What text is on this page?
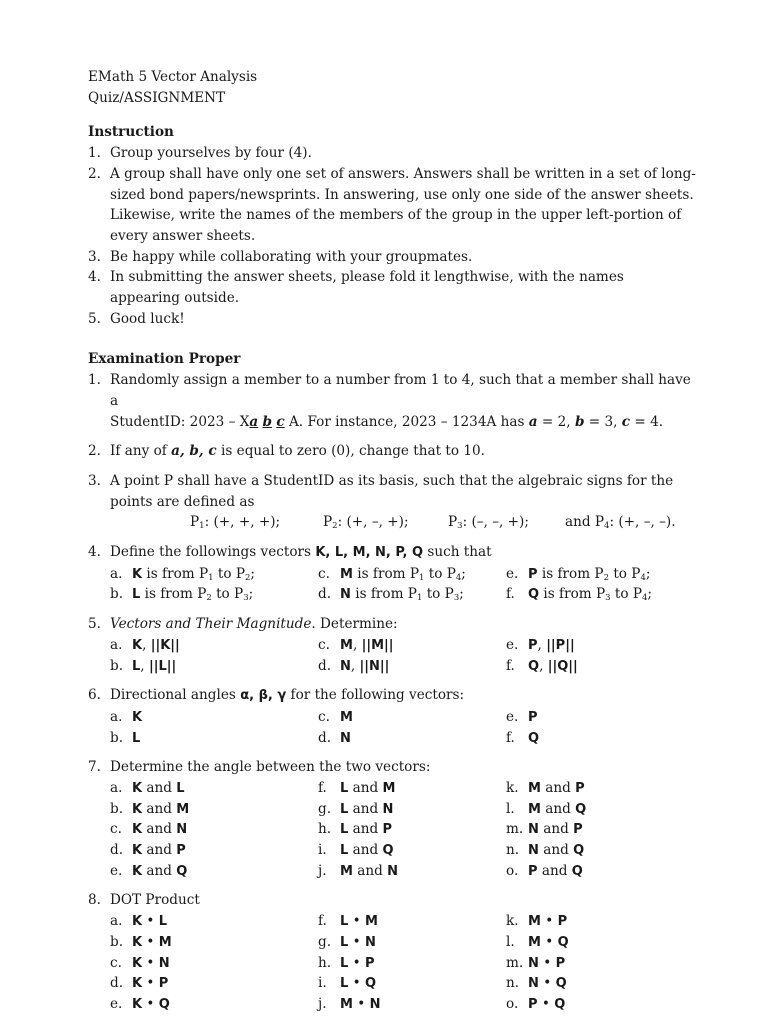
EMath 5 Vector Analysis
Quiz/ASSIGNMENT
Instruction
1. Group yourselves by four (4).
2. A group shall have only one set of answers. Answers shall be written in a set of long-sized bond papers/newsprints. In answering, use only one side of the answer sheets. Likewise, write the names of the members of the group in the upper left-portion of every answer sheets.
3. Be happy while collaborating with your groupmates.
4. In submitting the answer sheets, please fold it lengthwise, with the names appearing outside.
5. Good luck!
Examination Proper
1. Randomly assign a member to a number from 1 to 4, such that a member shall have a
StudentID: 2023 – Xa b c A. For instance, 2023 – 1234A has a = 2, b = 3, c = 4.
2. If any of a, b, c is equal to zero (0), change that to 10.
3. A point P shall have a StudentID as its basis, such that the algebraic signs for the points are defined as
$P_1$: (+, +, +);	$P_2$: (+, –, +);	$P_3$: (–, –, +);	and $P_4$: (+, –, –).
4. Define the followings vectors K, L, M, N, P, Q such that
a. K is from $P_1$ to $P_2$;	c. M is from $P_1$ to $P_4$;	e. P is from $P_2$ to $P_4$;
b. L is from $P_2$ to $P_3$;	d. N is from $P_1$ to $P_3$;	f. Q is from $P_3$ to $P_4$;
5. Vectors and Their Magnitude. Determine:
a. K, ||K||	c. M, ||M||	e. P, ||P||
b. L, ||L||	d. N, ||N||	f. Q, ||Q||
6. Directional angles α, β, γ for the following vectors:
a. K	c. M	e. P
b. L	d. N	f. Q
7. Determine the angle between the two vectors:
a. K and L	f. L and M	k. M and P
b. K and M	g. L and N	l. M and Q
c. K and N	h. L and P	m. N and P
d. K and P	i. L and Q	n. N and Q
e. K and Q	j. M and N	o. P and Q
8. DOT Product
a. K • L	f. L • M	k. M • P
b. K • M	g. L • N	l. M • Q
c. K • N	h. L • P	m. N • P
d. K • P	i. L • Q	n. N • Q
e. K • Q	j. M • N	o. P • Q
